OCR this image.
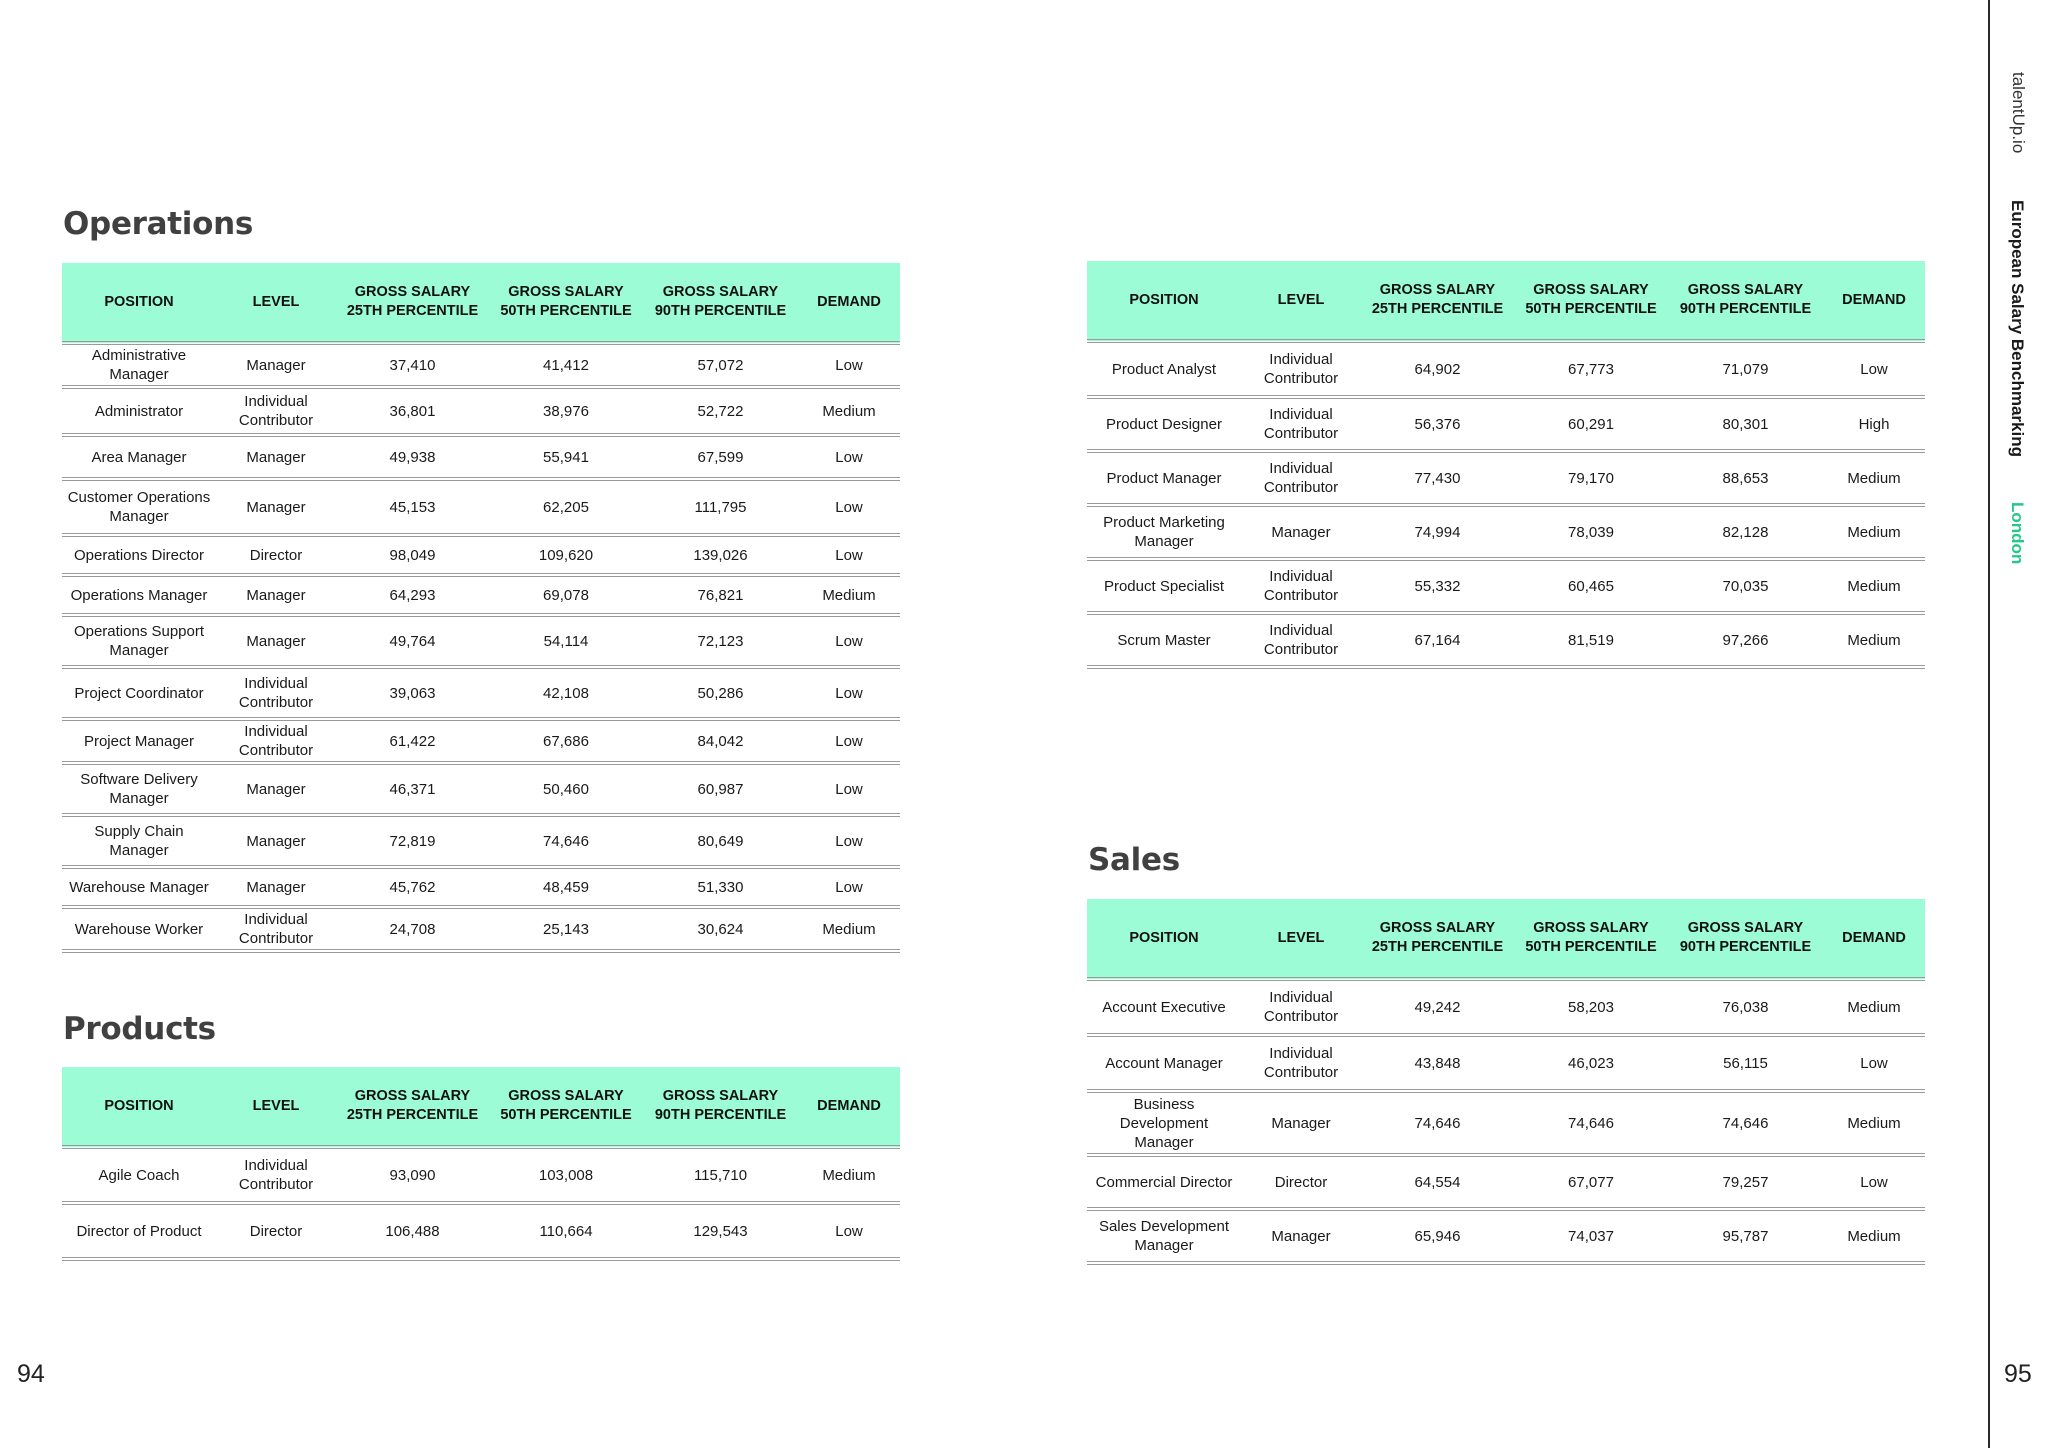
Operations
POSITION	LEVEL	GROSS SALARY 25TH PERCENTILE	GROSS SALARY 50TH PERCENTILE	GROSS SALARY 90TH PERCENTILE	DEMAND
Administrative Manager	Manager	37,410	41,412	57,072	Low
Administrator	Individual Contributor	36,801	38,976	52,722	Medium
Area Manager	Manager	49,938	55,941	67,599	Low
Customer Operations Manager	Manager	45,153	62,205	111,795	Low
Operations Director	Director	98,049	109,620	139,026	Low
Operations Manager	Manager	64,293	69,078	76,821	Medium
Operations Support Manager	Manager	49,764	54,114	72,123	Low
Project Coordinator	Individual Contributor	39,063	42,108	50,286	Low
Project Manager	Individual Contributor	61,422	67,686	84,042	Low
Software Delivery Manager	Manager	46,371	50,460	60,987	Low
Supply Chain Manager	Manager	72,819	74,646	80,649	Low
Warehouse Manager	Manager	45,762	48,459	51,330	Low
Warehouse Worker	Individual Contributor	24,708	25,143	30,624	Medium
Products
POSITION	LEVEL	GROSS SALARY 25TH PERCENTILE	GROSS SALARY 50TH PERCENTILE	GROSS SALARY 90TH PERCENTILE	DEMAND
Agile Coach	Individual Contributor	93,090	103,008	115,710	Medium
Director of Product	Director	106,488	110,664	129,543	Low
POSITION	LEVEL	GROSS SALARY 25TH PERCENTILE	GROSS SALARY 50TH PERCENTILE	GROSS SALARY 90TH PERCENTILE	DEMAND
Product Analyst	Individual Contributor	64,902	67,773	71,079	Low
Product Designer	Individual Contributor	56,376	60,291	80,301	High
Product Manager	Individual Contributor	77,430	79,170	88,653	Medium
Product Marketing Manager	Manager	74,994	78,039	82,128	Medium
Product Specialist	Individual Contributor	55,332	60,465	70,035	Medium
Scrum Master	Individual Contributor	67,164	81,519	97,266	Medium
Sales
POSITION	LEVEL	GROSS SALARY 25TH PERCENTILE	GROSS SALARY 50TH PERCENTILE	GROSS SALARY 90TH PERCENTILE	DEMAND
Account Executive	Individual Contributor	49,242	58,203	76,038	Medium
Account Manager	Individual Contributor	43,848	46,023	56,115	Low
Business Development Manager	Manager	74,646	74,646	74,646	Medium
Commercial Director	Director	64,554	67,077	79,257	Low
Sales Development Manager	Manager	65,946	74,037	95,787	Medium
94	95
talentUp.io
European Salary Benchmarking
London
